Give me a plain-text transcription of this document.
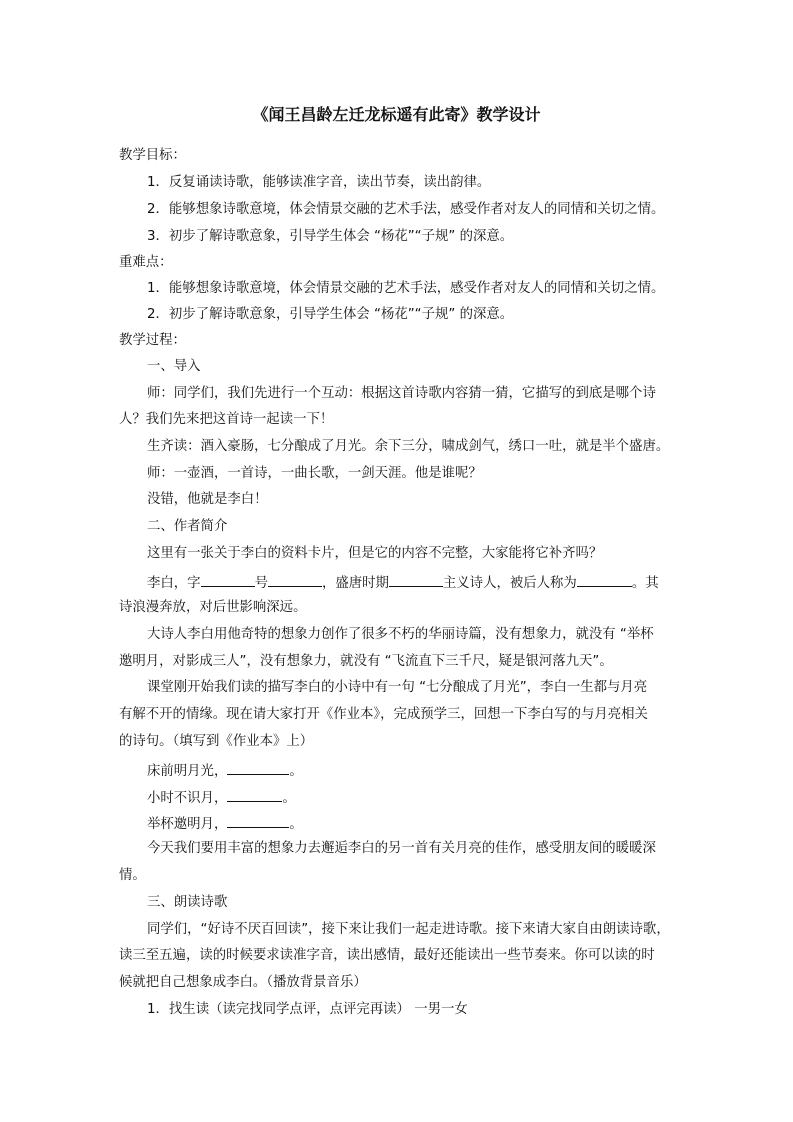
《闻王昌龄左迁龙标遥有此寄》教学设计
教学目标：
1．反复诵读诗歌，能够读准字音，读出节奏，读出韵律。
2．能够想象诗歌意境，体会情景交融的艺术手法，感受作者对友人的同情和关切之情。
3．初步了解诗歌意象，引导学生体会 “杨花”“子规” 的深意。
重难点：
1．能够想象诗歌意境，体会情景交融的艺术手法，感受作者对友人的同情和关切之情。
2．初步了解诗歌意象，引导学生体会 “杨花”“子规” 的深意。
教学过程：
一、导入
师：同学们，我们先进行一个互动：根据这首诗歌内容猜一猜，它描写的到底是哪个诗
人？我们先来把这首诗一起读一下！
生齐读：酒入豪肠，七分酿成了月光。余下三分，啸成剑气，绣口一吐，就是半个盛唐。
师：一壶酒，一首诗，一曲长歌，一剑天涯。他是谁呢？
没错，他就是李白！
二、作者简介
这里有一张关于李白的资料卡片，但是它的内容不完整，大家能将它补齐吗？
李白，字	号	，盛唐时期	主义诗人，被后人称为	。其
诗浪漫奔放，对后世影响深远。
大诗人李白用他奇特的想象力创作了很多不朽的华丽诗篇，没有想象力，就没有 “举杯
邀明月，对影成三人”，没有想象力，就没有 “飞流直下三千尺，疑是银河落九天”。
课堂刚开始我们读的描写李白的小诗中有一句 “七分酿成了月光”，李白一生都与月亮
有解不开的情缘。现在请大家打开《作业本》，完成预学三，回想一下李白写的与月亮相关
的诗句。（填写到《作业本》上）
床前明月光，	。
小时不识月，	。
举杯邀明月，	。
今天我们要用丰富的想象力去邂逅李白的另一首有关月亮的佳作，感受朋友间的暖暖深
情。
三、朗读诗歌
同学们，“好诗不厌百回读”，接下来让我们一起走进诗歌。接下来请大家自由朗读诗歌，
读三至五遍，读的时候要求读准字音，读出感情，最好还能读出一些节奏来。你可以读的时
候就把自己想象成李白。（播放背景音乐）
1．找生读（读完找同学点评，点评完再读） 一男一女
